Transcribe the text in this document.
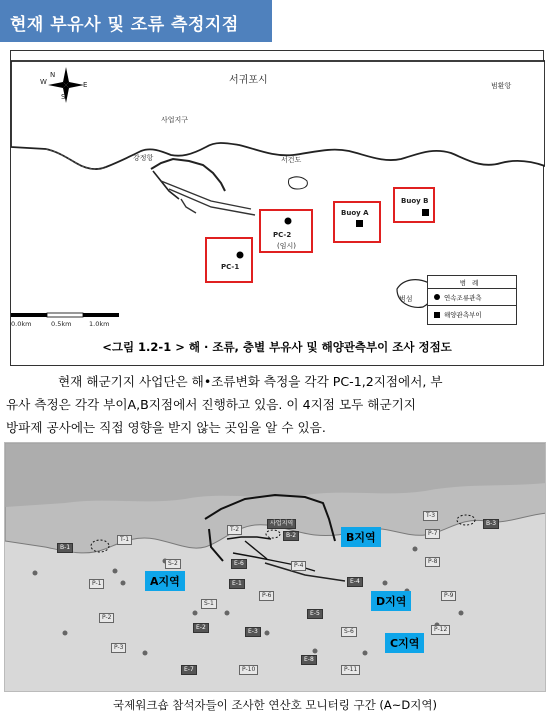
현재 부유사 및 조류 측정지점
N
S
W	E	서귀포시
사업지구
강정항	서건도
범환항
범섬
PC-1
PC-2
(임시)
Buoy A
Buoy B
0.0km	0.5km	1.0km
범례
연속조류관측
해양관측부이
<그림 1.2-1 > 해 · 조류, 층별 부유사 및 해양관측부이 조사 정점도
현재 해군기지 사업단은 해•조류변화 측정을 각각 PC-1,2지점에서, 부
유사 측정은 각각 부이A,B지점에서 진행하고 있음. 이 4지점 모두 해군기지
방파제 공사에는 직접 영향을 받지 않는 곳임을 알 수 있음.
사업지역
B-1
B-2
B-3
T-1
T-2
T-3
P-1
P-2
P-3
P-4
P-6
P-7
P-8
P-9
P-10	P-11
P-12
E-1
E-2
E-3
E-4
E-5
E-6
E-7
E-8
S-1
S-2
S-6
A지역
B지역
C지역
D지역
국제워크숍 참석자들이 조사한 연산호 모니터링 구간 (A~D지역)
